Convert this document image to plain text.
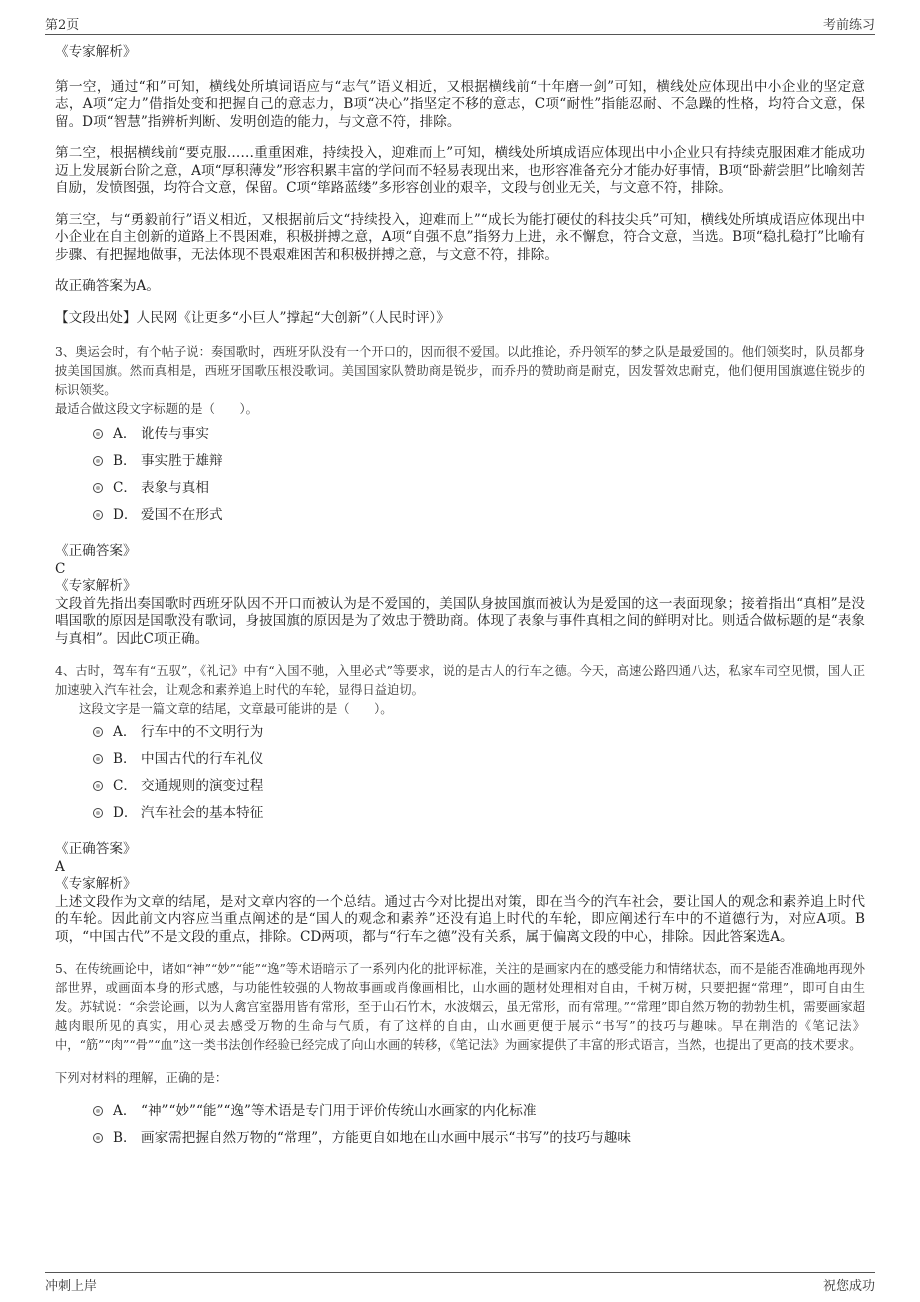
第2页	考前练习

《专家解析》

第一空，通过“和”可知，横线处所填词语应与“志气”语义相近，又根据横线前“十年磨一剑”可知，横线处应体现出中小企业的坚定意志，A项“定力”借指处变和把握自己的意志力，B项“决心”指坚定不移的意志，C项“耐性”指能忍耐、不急躁的性格，均符合文意，保留。D项“智慧”指辨析判断、发明创造的能力，与文意不符，排除。

第二空，根据横线前“要克服……重重困难，持续投入，迎难而上”可知，横线处所填成语应体现出中小企业只有持续克服困难才能成功迈上发展新台阶之意，A项“厚积薄发”形容积累丰富的学问而不轻易表现出来，也形容准备充分才能办好事情，B项“卧薪尝胆”比喻刻苦自励，发愤图强，均符合文意，保留。C项“筚路蓝缕”多形容创业的艰辛，文段与创业无关，与文意不符，排除。

第三空，与“勇毅前行”语义相近，又根据前后文“持续投入，迎难而上”“成长为能打硬仗的科技尖兵”可知，横线处所填成语应体现出中小企业在自主创新的道路上不畏困难，积极拼搏之意，A项“自强不息”指努力上进，永不懈怠，符合文意，当选。B项“稳扎稳打”比喻有步骤、有把握地做事，无法体现不畏艰难困苦和积极拼搏之意，与文意不符，排除。

故正确答案为A。

【文段出处】人民网《让更多“小巨人”撑起“大创新”（人民时评）》

3、奥运会时，有个帖子说：奏国歌时，西班牙队没有一个开口的，因而很不爱国。以此推论，乔丹领军的梦之队是最爱国的。他们领奖时，队员都身披美国国旗。然而真相是，西班牙国歌压根没歌词。美国国家队赞助商是锐步，而乔丹的赞助商是耐克，因发誓效忠耐克，他们便用国旗遮住锐步的标识领奖。

最适合做这段文字标题的是（　　）。

A． 讹传与事实
B． 事实胜于雄辩
C． 表象与真相
D． 爱国不在形式

《正确答案》

C

《专家解析》

文段首先指出奏国歌时西班牙队因不开口而被认为是不爱国的，美国队身披国旗而被认为是爱国的这一表面现象；接着指出“真相”是没唱国歌的原因是国歌没有歌词，身披国旗的原因是为了效忠于赞助商。体现了表象与事件真相之间的鲜明对比。则适合做标题的是“表象与真相”。因此C项正确。

4、古时，驾车有“五驭”，《礼记》中有“入国不驰，入里必式”等要求，说的是古人的行车之德。今天，高速公路四通八达，私家车司空见惯，国人正加速驶入汽车社会，让观念和素养追上时代的车轮，显得日益迫切。

这段文字是一篇文章的结尾，文章最可能讲的是（　　）。

A． 行车中的不文明行为
B． 中国古代的行车礼仪
C． 交通规则的演变过程
D． 汽车社会的基本特征

《正确答案》

A

《专家解析》

上述文段作为文章的结尾，是对文章内容的一个总结。通过古今对比提出对策，即在当今的汽车社会，要让国人的观念和素养追上时代的车轮。因此前文内容应当重点阐述的是“国人的观念和素养”还没有追上时代的车轮，即应阐述行车中的不道德行为，对应A项。B项，“中国古代”不是文段的重点，排除。CD两项，都与“行车之德”没有关系，属于偏离文段的中心，排除。因此答案选A。

5、在传统画论中，诸如“神”“妙”“能”“逸”等术语暗示了一系列内化的批评标准，关注的是画家内在的感受能力和情绪状态，而不是能否准确地再现外部世界，或画面本身的形式感，与功能性较强的人物故事画或肖像画相比，山水画的题材处理相对自由，千树万树，只要把握“常理”，即可自由生发。苏轼说：“余尝论画，以为人禽宫室器用皆有常形，至于山石竹木，水波烟云，虽无常形，而有常理。”“常理”即自然万物的勃勃生机，需要画家超越肉眼所见的真实，用心灵去感受万物的生命与气质，有了这样的自由，山水画更便于展示“书写”的技巧与趣味。早在荆浩的《笔记法》中，“筋”“肉”“骨”“血”这一类书法创作经验已经完成了向山水画的转移，《笔记法》为画家提供了丰富的形式语言，当然，也提出了更高的技术要求。

下列对材料的理解，正确的是：

A． “神”“妙”“能”“逸”等术语是专门用于评价传统山水画家的内化标准
B． 画家需把握自然万物的“常理”，方能更自如地在山水画中展示“书写”的技巧与趣味
冲刺上岸	祝您成功
